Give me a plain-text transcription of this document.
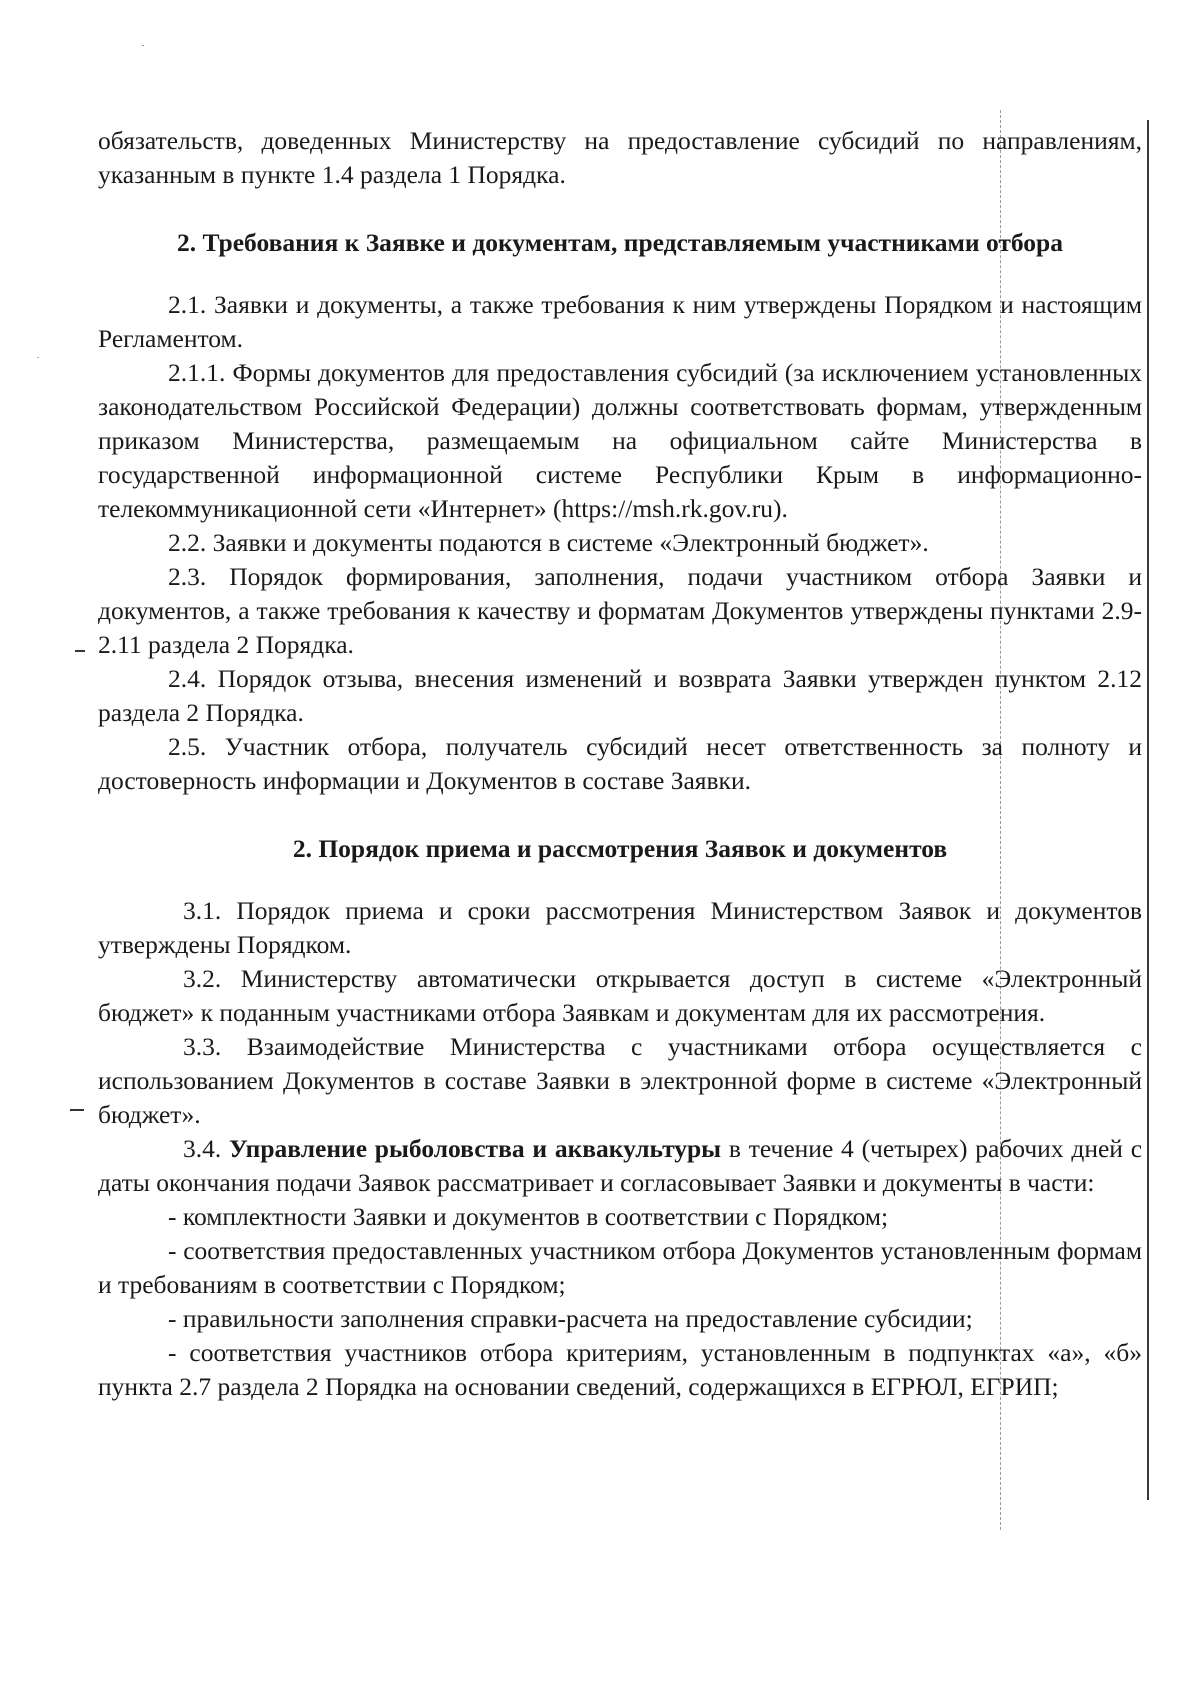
обязательств, доведенных Министерству на предоставление субсидий по направлениям, указанным в пункте 1.4 раздела 1 Порядка.

2. Требования к Заявке и документам, представляемым участниками отбора

2.1. Заявки и документы, а также требования к ним утверждены Порядком и настоящим Регламентом.

2.1.1. Формы документов для предоставления субсидий (за исключением установленных законодательством Российской Федерации) должны соответствовать формам, утвержденным приказом Министерства, размещаемым на официальном сайте Министерства в государственной информационной системе Республики Крым в информационно-телекоммуникационной сети «Интернет» (https://msh.rk.gov.ru).

2.2. Заявки и документы подаются в системе «Электронный бюджет».

2.3. Порядок формирования, заполнения, подачи участником отбора Заявки и документов, а также требования к качеству и форматам Документов утверждены пунктами 2.9-2.11 раздела 2 Порядка.

2.4. Порядок отзыва, внесения изменений и возврата Заявки утвержден пунктом 2.12 раздела 2 Порядка.

2.5. Участник отбора, получатель субсидий несет ответственность за полноту и достоверность информации и Документов в составе Заявки.

2. Порядок приема и рассмотрения Заявок и документов

3.1. Порядок приема и сроки рассмотрения Министерством Заявок и документов утверждены Порядком.

3.2. Министерству автоматически открывается доступ в системе «Электронный бюджет» к поданным участниками отбора Заявкам и документам для их рассмотрения.

3.3. Взаимодействие Министерства с участниками отбора осуществляется с использованием Документов в составе Заявки в электронной форме в системе «Электронный бюджет».

3.4. Управление рыболовства и аквакультуры в течение 4 (четырех) рабочих дней с даты окончания подачи Заявок рассматривает и согласовывает Заявки и документы в части:

- комплектности Заявки и документов в соответствии с Порядком;

- соответствия предоставленных участником отбора Документов установленным формам и требованиям в соответствии с Порядком;

- правильности заполнения справки-расчета на предоставление субсидии;

- соответствия участников отбора критериям, установленным в подпунктах «а», «б» пункта 2.7 раздела 2 Порядка на основании сведений, содержащихся в ЕГРЮЛ, ЕГРИП;
